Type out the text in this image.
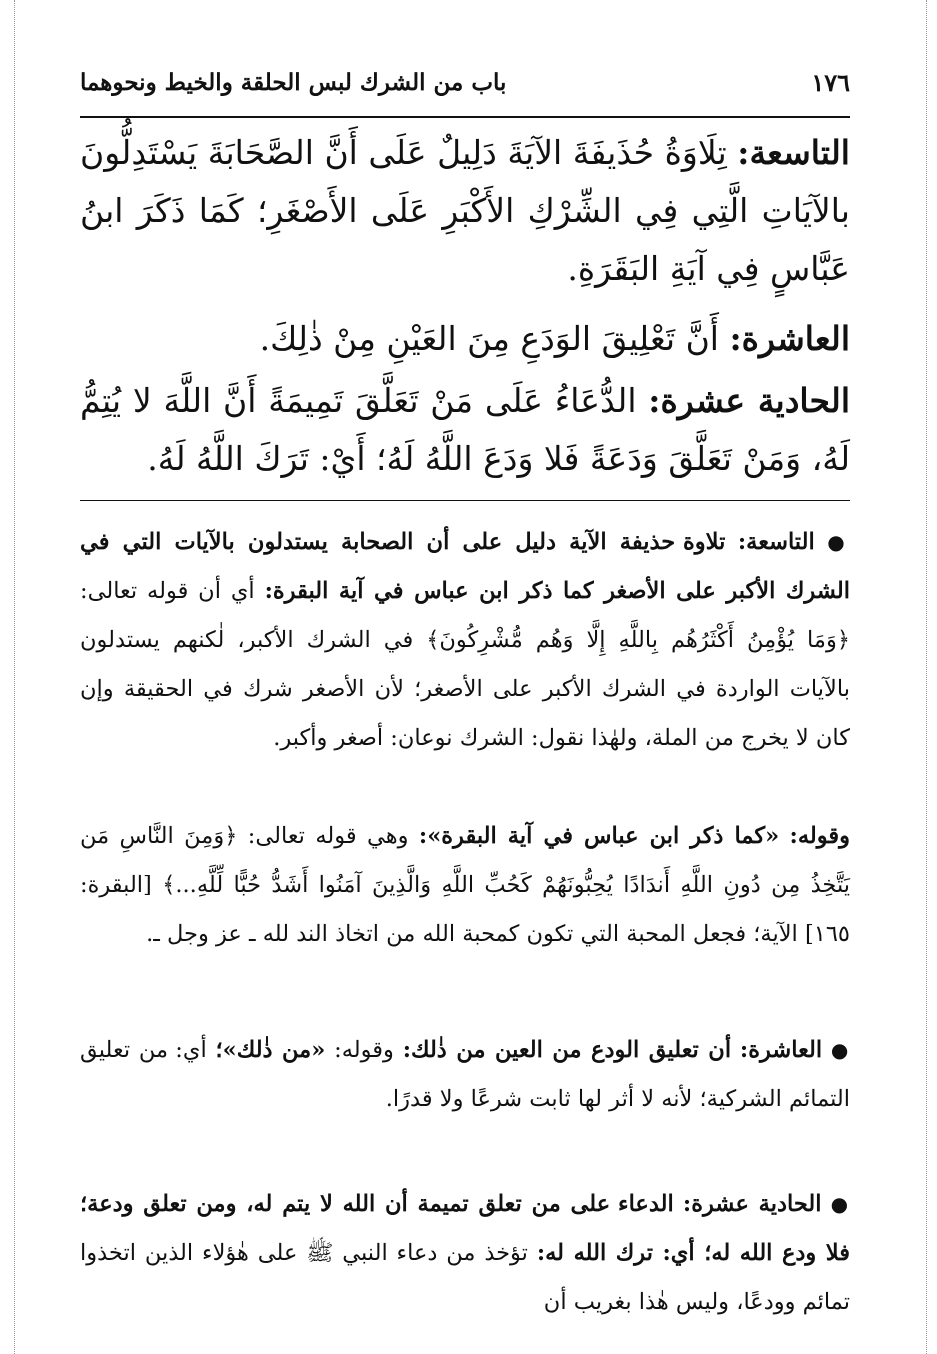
١٧٦
باب من الشرك لبس الحلقة والخيط ونحوهما
التاسعة: تِلَاوَةُ حُذَيفَةَ الآيَةَ دَلِيلٌ عَلَى أَنَّ الصَّحَابَةَ يَسْتَدِلُّونَ بالآيَاتِ الَّتِي فِي الشِّرْكِ الأَكْبَرِ عَلَى الأَصْغَرِ؛ كَمَا ذَكَرَ ابنُ عَبَّاسٍ فِي آيَةِ البَقَرَةِ.
العاشرة: أَنَّ تَعْلِيقَ الوَدَعِ مِنَ العَيْنِ مِنْ ذٰلِكَ.
الحادية عشرة: الدُّعَاءُ عَلَى مَنْ تَعَلَّقَ تَمِيمَةً أَنَّ اللَّهَ لا يُتِمُّ لَهُ، وَمَنْ تَعَلَّقَ وَدَعَةً فَلا وَدَعَ اللَّهُ لَهُ؛ أَيْ: تَرَكَ اللَّهُ لَهُ.
● التاسعة: تلاوة حذيفة الآية دليل على أن الصحابة يستدلون بالآيات التي في الشرك الأكبر على الأصغر كما ذكر ابن عباس في آية البقرة: أي أن قوله تعالى: ﴿وَمَا يُؤْمِنُ أَكْثَرُهُم بِاللَّهِ إِلَّا وَهُم مُّشْرِكُونَ﴾ في الشرك الأكبر، لٰكنهم يستدلون بالآيات الواردة في الشرك الأكبر على الأصغر؛ لأن الأصغر شرك في الحقيقة وإن كان لا يخرج من الملة، ولهٰذا نقول: الشرك نوعان: أصغر وأكبر.
وقوله: «كما ذكر ابن عباس في آية البقرة»: وهي قوله تعالى: ﴿وَمِنَ النَّاسِ مَن يَتَّخِذُ مِن دُونِ اللَّهِ أَندَادًا يُحِبُّونَهُمْ كَحُبِّ اللَّهِ وَالَّذِينَ آمَنُوا أَشَدُّ حُبًّا لِّلَّهِ...﴾ [البقرة: ١٦٥] الآية؛ فجعل المحبة التي تكون كمحبة الله من اتخاذ الند لله ـ عز وجل ـ.
● العاشرة: أن تعليق الودع من العين من ذٰلك: وقوله: «من ذٰلك»؛ أي: من تعليق التمائم الشركية؛ لأنه لا أثر لها ثابت شرعًا ولا قدرًا.
● الحادية عشرة: الدعاء على من تعلق تميمة أن الله لا يتم له، ومن تعلق ودعة؛ فلا ودع الله له؛ أي: ترك الله له: تؤخذ من دعاء النبي ﷺ على هٰؤلاء الذين اتخذوا تمائم وودعًا، وليس هٰذا بغريب أن
